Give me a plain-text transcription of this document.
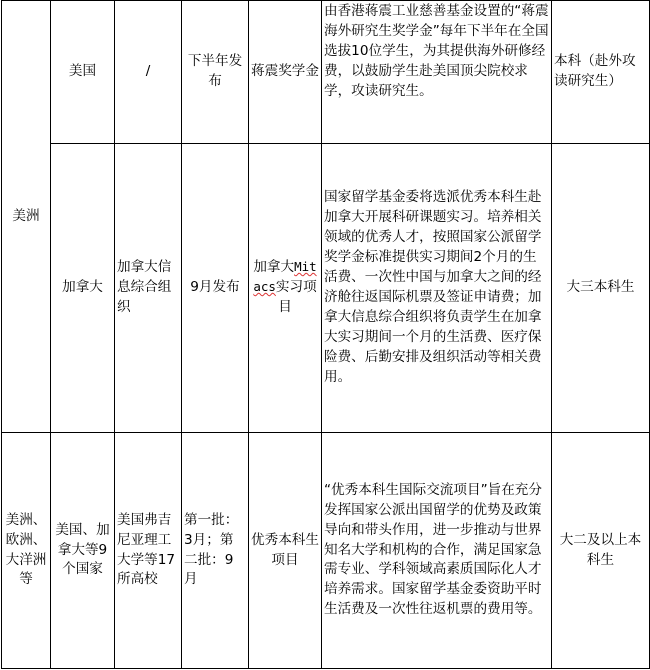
美洲	美国	/	下半年发布	蒋震奖学金	由香港蒋震工业慈善基金设置的“蒋震海外研究生奖学金”每年下半年在全国选拔10位学生，为其提供海外研修经费，以鼓励学生赴美国顶尖院校求学，攻读研究生。	本科（赴外攻读研究生）
	加拿大	加拿大信息综合组织	9月发布	加拿大Mitacs实习项目	国家留学基金委将选派优秀本科生赴加拿大开展科研课题实习。培养相关领域的优秀人才，按照国家公派留学奖学金标准提供实习期间2个月的生活费、一次性中国与加拿大之间的经济舱往返国际机票及签证申请费；加拿大信息综合组织将负责学生在加拿大实习期间一个月的生活费、医疗保险费、后勤安排及组织活动等相关费用。	大三本科生
美洲、欧洲、大洋洲等	美国、加拿大等9个国家	美国弗吉尼亚理工大学等17所高校	第一批：3月；第二批：9月	优秀本科生项目	“优秀本科生国际交流项目”旨在充分发挥国家公派出国留学的优势及政策导向和带头作用，进一步推动与世界知名大学和机构的合作，满足国家急需专业、学科领域高素质国际化人才培养需求。国家留学基金委资助平时生活费及一次性往返机票的费用等。	大二及以上本科生
